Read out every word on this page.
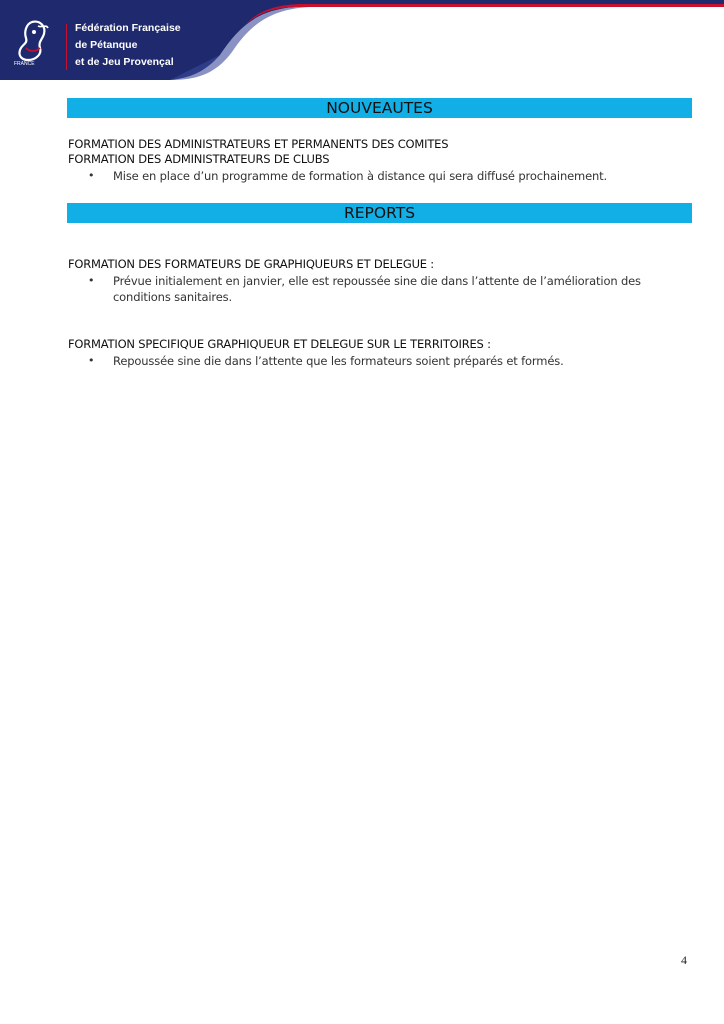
FRANCE
Fédération Française
de Pétanque
et de Jeu Provençal
NOUVEAUTES
FORMATION DES ADMINISTRATEURS ET PERMANENTS DES COMITES
FORMATION DES ADMINISTRATEURS DE CLUBS
•	Mise en place d’un programme de formation à distance qui sera diffusé prochainement.
REPORTS
FORMATION DES FORMATEURS DE GRAPHIQUEURS ET DELEGUE :
•	Prévue initialement en janvier, elle est repoussée sine die dans l’attente de l’amélioration des conditions sanitaires.
FORMATION SPECIFIQUE GRAPHIQUEUR ET DELEGUE SUR LE TERRITOIRES :
•	Repoussée sine die dans l’attente que les formateurs soient préparés et formés.
4
